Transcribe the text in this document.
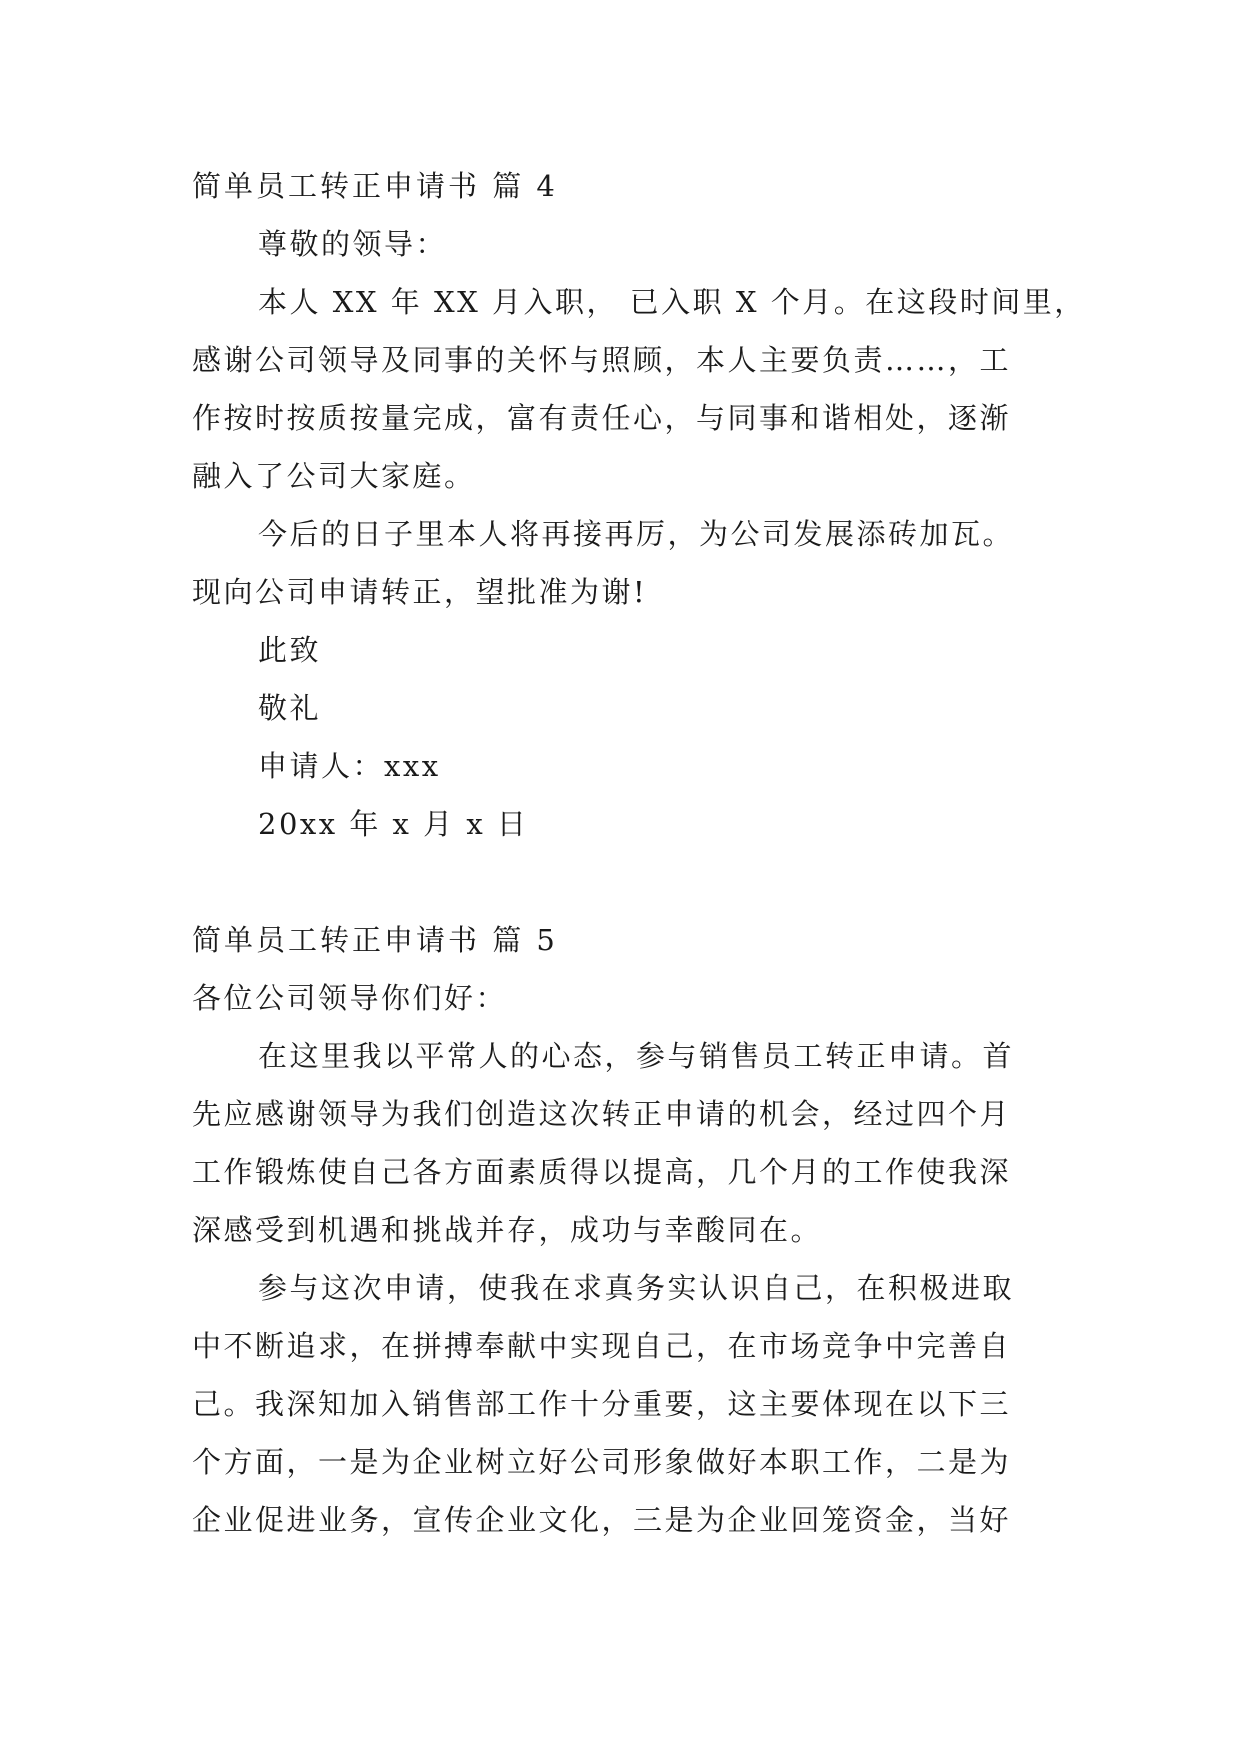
简单员工转正申请书 篇 4
尊敬的领导：
本人 XX 年 XX 月入职， 已入职 X 个月。在这段时间里，
感谢公司领导及同事的关怀与照顾，本人主要负责……，工
作按时按质按量完成，富有责任心，与同事和谐相处，逐渐
融入了公司大家庭。
今后的日子里本人将再接再厉，为公司发展添砖加瓦。
现向公司申请转正，望批准为谢!
此致
敬礼
申请人：xxx
20xx 年 x 月 x 日
简单员工转正申请书 篇 5
各位公司领导你们好：
在这里我以平常人的心态，参与销售员工转正申请。首
先应感谢领导为我们创造这次转正申请的机会，经过四个月
工作锻炼使自己各方面素质得以提高，几个月的工作使我深
深感受到机遇和挑战并存，成功与幸酸同在。
参与这次申请，使我在求真务实认识自己，在积极进取
中不断追求，在拼搏奉献中实现自己，在市场竞争中完善自
己。我深知加入销售部工作十分重要，这主要体现在以下三
个方面，一是为企业树立好公司形象做好本职工作，二是为
企业促进业务，宣传企业文化，三是为企业回笼资金，当好
